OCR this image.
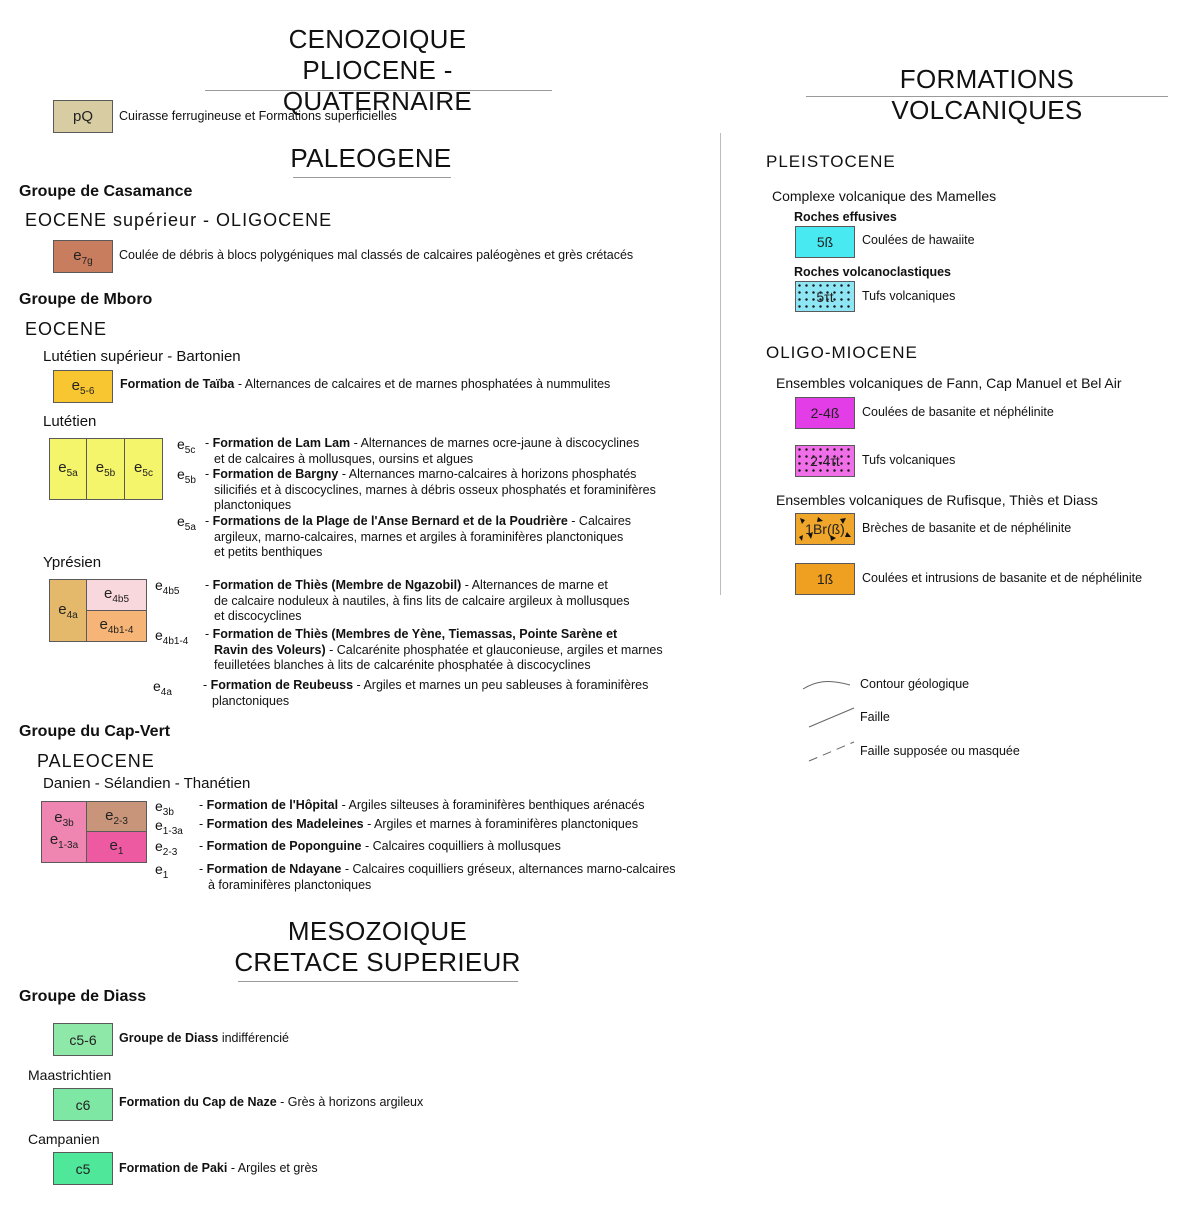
CENOZOIQUE
PLIOCENE - QUATERNAIRE
pQ Cuirasse ferrugineuse et Formations superficielles
PALEOGENE
Groupe de Casamance
EOCENE supérieur - OLIGOCENE
$e_{7g}$ Coulée de débris à blocs polygéniques mal classés de calcaires paléogènes et grès crétacés
Groupe de Mboro
EOCENE
Lutétien supérieur - Bartonien
$e_{5-6}$ Formation de Taïba - Alternances de calcaires et de marnes phosphatées à nummulites
Lutétien
$e_{5a}$ $e_{5b}$ $e_{5c}$
$e_{5c}$
- Formation de Lam Lam - Alternances de marnes ocre-jaune à discocyclines
et de calcaires à mollusques, oursins et algues
$e_{5b}$ - Formation de Bargny - Alternances marno-calcaires à horizons phosphatés
silicifiés et à discocyclines, marnes à débris osseux phosphatés et foraminifères
planctoniques
$e_{5a}$ - Formations de la Plage de l'Anse Bernard et de la Poudrière - Calcaires
argileux, marno-calcaires, marnes et argiles à foraminifères planctoniques
et petits benthiques
Yprésien
$e_{4a}$
$e_{4b5}$
$e_{4b1-4}$
$e_{4b5}$ - Formation de Thiès (Membre de Ngazobil) - Alternances de marne et
de calcaire noduleux à nautiles, à fins lits de calcaire argileux à mollusques
et discocyclines
$e_{4b1-4}$
- Formation de Thiès (Membres de Yène, Tiemassas, Pointe Sarène et
Ravin des Voleurs) - Calcarénite phosphatée et glauconieuse, argiles et marnes
feuilletées blanches à lits de calcarénite phosphatée à discocyclines
$e_{4a}$
- Formation de Reubeuss - Argiles et marnes un peu sableuses à foraminifères
planctoniques
Groupe du Cap-Vert
PALEOCENE
Danien - Sélandien - Thanétien
$e_{3b}$
$e_{1-3a}$
$e_{2-3}$
$e_1$
$e_{3b}$
- Formation de l'Hôpital - Argiles silteuses à foraminifères benthiques arénacés
$e_{1-3a}$
- Formation des Madeleines - Argiles et marnes à foraminifères planctoniques
$e_{2-3}$ - Formation de Poponguine - Calcaires coquilliers à mollusques
$e_1$ - Formation de Ndayane - Calcaires coquilliers gréseux, alternances marno-calcaires
à foraminifères planctoniques
MESOZOIQUE
CRETACE SUPERIEUR
Groupe de Diass
c5-6 Groupe de Diass indifférencié
Maastrichtien
c6 Formation du Cap de Naze - Grès à horizons argileux
Campanien
c5 Formation de Paki - Argiles et grès
FORMATIONS VOLCANIQUES
PLEISTOCENE
Complexe volcanique des Mamelles
Roches effusives
5ß Coulées de hawaiite
Roches volcanoclastiques
5τt Tufs volcaniques
OLIGO-MIOCENE
Ensembles volcaniques de Fann, Cap Manuel et Bel Air
2-4ß Coulées de basanite et néphélinite
2-4τt Tufs volcaniques
Ensembles volcaniques de Rufisque, Thiès et Diass
1Br(ß) Brèches de basanite et de néphélinite
1ß Coulées et intrusions de basanite et de néphélinite
Contour géologique
Faille
Faille supposée ou masquée
